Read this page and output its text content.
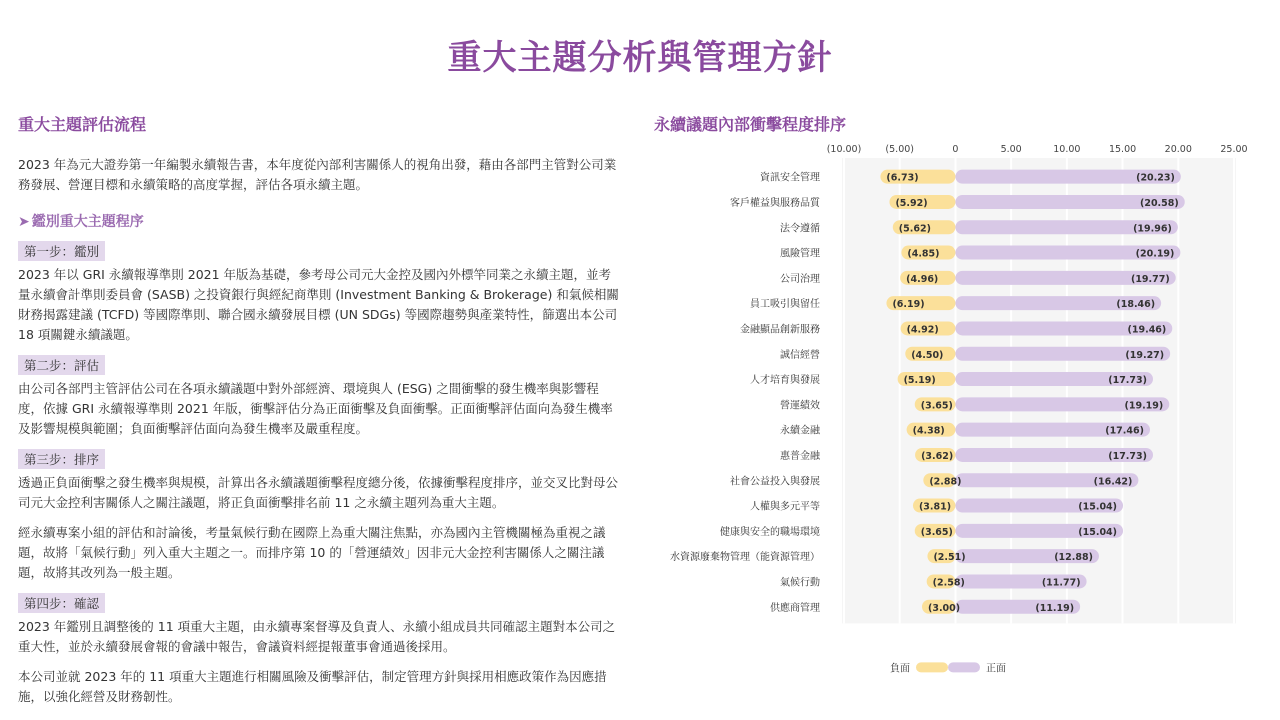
重大主題分析與管理方針
重大主題評估流程
2023 年為元大證券第一年編製永續報告書，本年度從內部利害關係人的視角出發，藉由各部門主管對公司業務發展、營運目標和永續策略的高度掌握，評估各項永續主題。
➤ 鑑別重大主題程序
第一步：鑑別
2023 年以 GRI 永續報導準則 2021 年版為基礎，參考母公司元大金控及國內外標竿同業之永續主題，並考量永續會計準則委員會 (SASB) 之投資銀行與經紀商準則 (Investment Banking & Brokerage) 和氣候相關財務揭露建議 (TCFD) 等國際準則、聯合國永續發展目標 (UN SDGs) 等國際趨勢與產業特性，篩選出本公司 18 項關鍵永續議題。
第二步：評估
由公司各部門主管評估公司在各項永續議題中對外部經濟、環境與人 (ESG) 之間衝擊的發生機率與影響程度，依據 GRI 永續報導準則 2021 年版，衝擊評估分為正面衝擊及負面衝擊。正面衝擊評估面向為發生機率及影響規模與範圍；負面衝擊評估面向為發生機率及嚴重程度。
第三步：排序
透過正負面衝擊之發生機率與規模，計算出各永續議題衝擊程度總分後，依據衝擊程度排序，並交叉比對母公司元大金控利害關係人之關注議題，將正負面衝擊排名前 11 之永續主題列為重大主題。
經永續專案小組的評估和討論後，考量氣候行動在國際上為重大關注焦點，亦為國內主管機關極為重視之議題，故將「氣候行動」列入重大主題之一。而排序第 10 的「營運績效」因非元大金控利害關係人之關注議題，故將其改列為一般主題。
第四步：確認
2023 年鑑別且調整後的 11 項重大主題，由永續專案督導及負責人、永續小組成員共同確認主題對本公司之重大性，並於永續發展會報的會議中報告，會議資料經提報董事會通過後採用。
本公司並就 2023 年的 11 項重大主題進行相關風險及衝擊評估，制定管理方針與採用相應政策作為因應措施，以強化經營及財務韌性。
永續議題內部衝擊程度排序
(10.00)	(5.00)	0	5.00	10.00	15.00	20.00	25.00
資訊安全管理	(20.23)
(6.73)
客戶權益與服務品質	(20.58)
(5.92)
法令遵循	(19.96)
(5.62)
風險管理	(20.19)
(4.85)
公司治理	(19.77)
(4.96)
員工吸引與留任	(18.46)
(6.19)
金融顯品創新服務	(19.46)
(4.92)
誠信經營	(19.27)
(4.50)
人才培育與發展	(17.73)
(5.19)
營運績效	(19.19)
(3.65)
永續金融	(17.46)
(4.38)
惠普金融	(17.73)
(3.62)
社會公益投入與發展	(16.42)
(2.88)
人權與多元平等	(15.04)
(3.81)
健康與安全的職場環境	(15.04)
(3.65)
水資源廢棄物管理（能資源管理）	(12.88)
(2.51)
氣候行動	(11.77)
(2.58)
供應商管理	(11.19)
(3.00)
負面	正面
